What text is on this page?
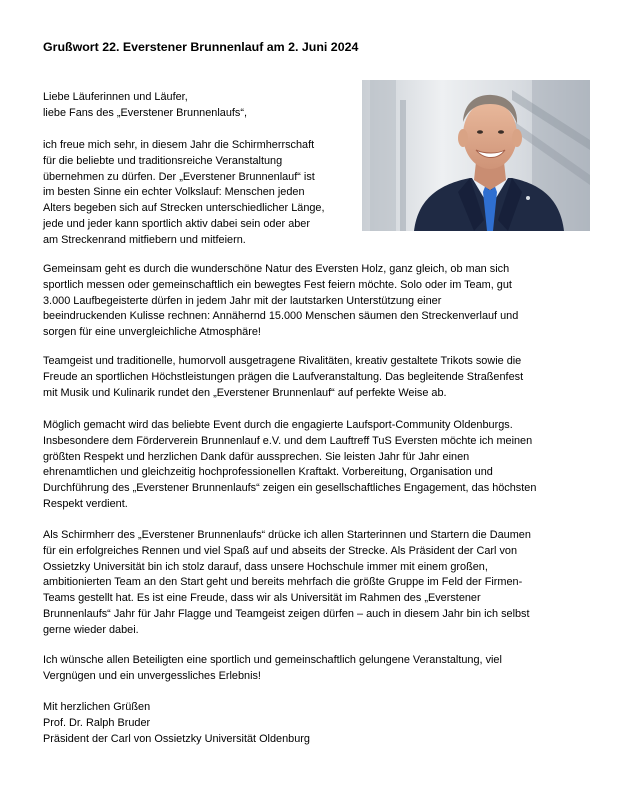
Grußwort 22. Everstener Brunnenlauf am 2. Juni 2024
Liebe Läuferinnen und Läufer,
liebe Fans des „Everstener Brunnenlaufs“,
ich freue mich sehr, in diesem Jahr die Schirmherrschaft
für die beliebte und traditionsreiche Veranstaltung
übernehmen zu dürfen. Der „Everstener Brunnenlauf“ ist
im besten Sinne ein echter Volkslauf: Menschen jeden
Alters begeben sich auf Strecken unterschiedlicher Länge,
jede und jeder kann sportlich aktiv dabei sein oder aber
am Streckenrand mitfiebern und mitfeiern.
Gemeinsam geht es durch die wunderschöne Natur des Eversten Holz, ganz gleich, ob man sich
sportlich messen oder gemeinschaftlich ein bewegtes Fest feiern möchte. Solo oder im Team, gut
3.000 Laufbegeisterte dürfen in jedem Jahr mit der lautstarken Unterstützung einer
beeindruckenden Kulisse rechnen: Annähernd 15.000 Menschen säumen den Streckenverlauf und
sorgen für eine unvergleichliche Atmosphäre!
Teamgeist und traditionelle, humorvoll ausgetragene Rivalitäten, kreativ gestaltete Trikots sowie die
Freude an sportlichen Höchstleistungen prägen die Laufveranstaltung. Das begleitende Straßenfest
mit Musik und Kulinarik rundet den „Everstener Brunnenlauf“ auf perfekte Weise ab.
Möglich gemacht wird das beliebte Event durch die engagierte Laufsport-Community Oldenburgs.
Insbesondere dem Förderverein Brunnenlauf e.V. und dem Lauftreff TuS Eversten möchte ich meinen
größten Respekt und herzlichen Dank dafür aussprechen. Sie leisten Jahr für Jahr einen
ehrenamtlichen und gleichzeitig hochprofessionellen Kraftakt. Vorbereitung, Organisation und
Durchführung des „Everstener Brunnenlaufs“ zeigen ein gesellschaftliches Engagement, das höchsten
Respekt verdient.
Als Schirmherr des „Everstener Brunnenlaufs“ drücke ich allen Starterinnen und Startern die Daumen
für ein erfolgreiches Rennen und viel Spaß auf und abseits der Strecke. Als Präsident der Carl von
Ossietzky Universität bin ich stolz darauf, dass unsere Hochschule immer mit einem großen,
ambitionierten Team an den Start geht und bereits mehrfach die größte Gruppe im Feld der Firmen-
Teams gestellt hat. Es ist eine Freude, dass wir als Universität im Rahmen des „Everstener
Brunnenlaufs“ Jahr für Jahr Flagge und Teamgeist zeigen dürfen – auch in diesem Jahr bin ich selbst
gerne wieder dabei.
Ich wünsche allen Beteiligten eine sportlich und gemeinschaftlich gelungene Veranstaltung, viel
Vergnügen und ein unvergessliches Erlebnis!
Mit herzlichen Grüßen
Prof. Dr. Ralph Bruder
Präsident der Carl von Ossietzky Universität Oldenburg
